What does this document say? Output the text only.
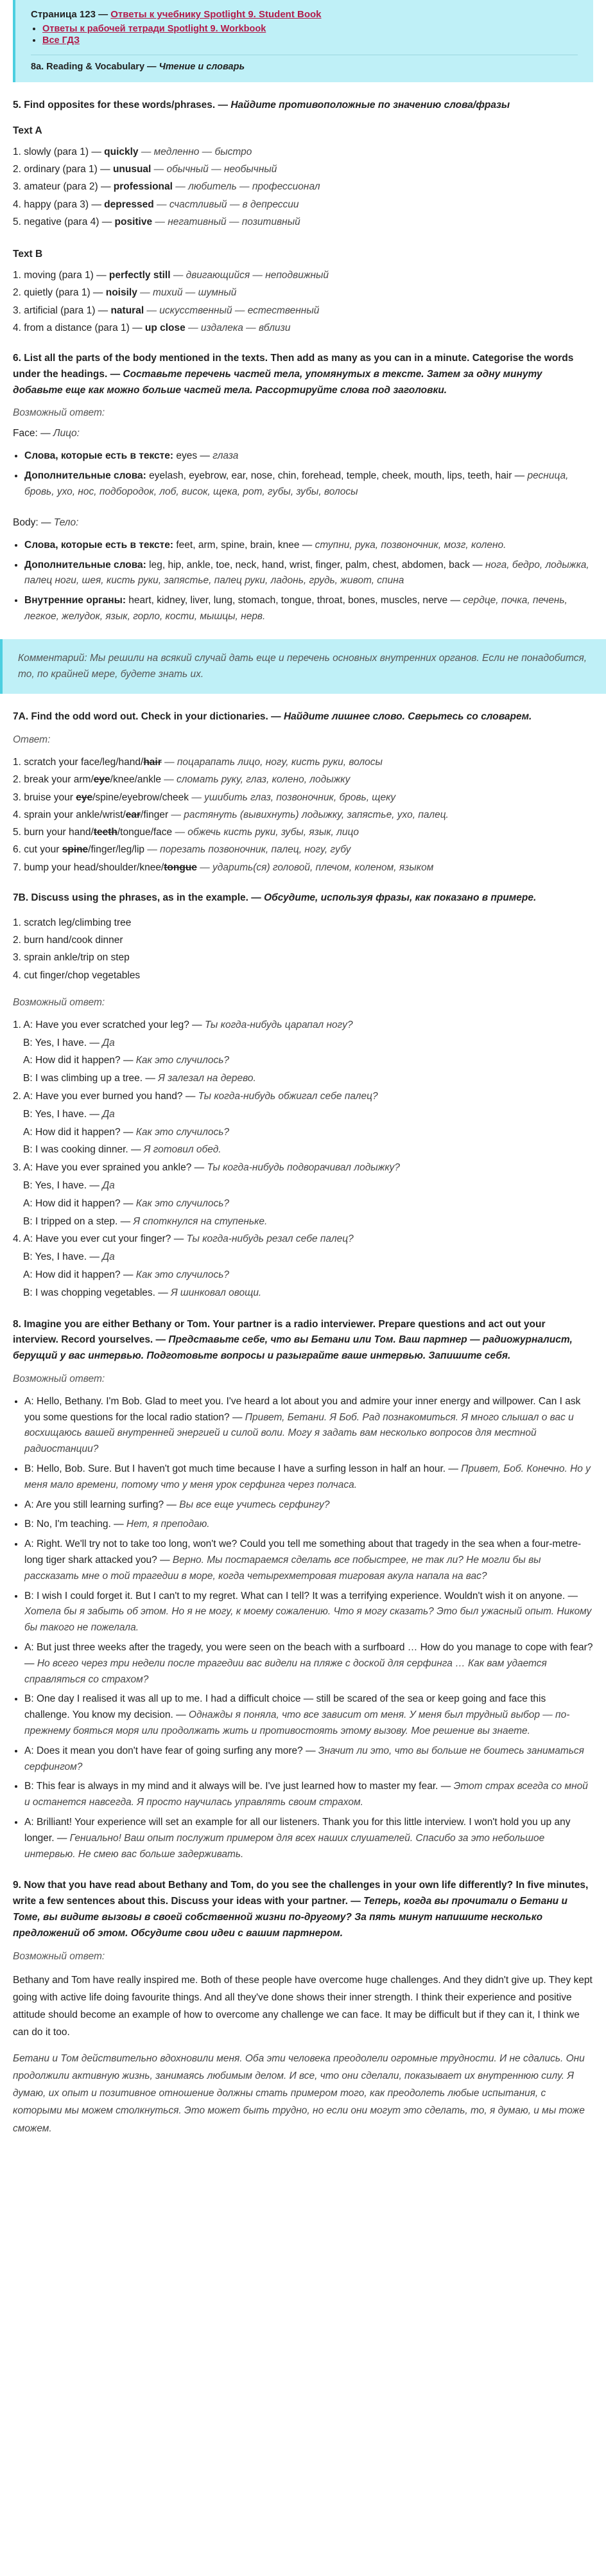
Страница 123 — Ответы к учебнику Spotlight 9. Student Book
• Ответы к рабочей тетради Spotlight 9. Workbook
• Все ГДЗ
8a. Reading & Vocabulary — Чтение и словарь
5. Find opposites for these words/phrases. — Найдите противоположные по значению слова/фразы
Text A
1. slowly (para 1) — quickly — медленно — быстро
2. ordinary (para 1) — unusual — обычный — необычный
3. amateur (para 2) — professional — любитель — профессионал
4. happy (para 3) — depressed — счастливый — в депрессии
5. negative (para 4) — positive — негативный — позитивный
Text B
1. moving (para 1) — perfectly still — двигающийся — неподвижный
2. quietly (para 1) — noisily — тихий — шумный
3. artificial (para 1) — natural — искусственный — естественный
4. from a distance (para 1) — up close — издалека — вблизи
6. List all the parts of the body mentioned in the texts. Then add as many as you can in a minute. Categorise the words under the headings. — Составьте перечень частей тела, упомянутых в тексте. Затем за одну минуту добавьте еще как можно больше частей тела. Рассортируйте слова под заголовки.
Возможный ответ:
Face: — Лицо:
• Слова, которые есть в тексте: eyes — глаза
• Дополнительные слова: eyelash, eyebrow, ear, nose, chin, forehead, temple, cheek, mouth, lips, teeth, hair — ресница, бровь, ухо, нос, подбородок, лоб, висок, щека, рот, губы, зубы, волосы
Body: — Тело:
• Слова, которые есть в тексте: feet, arm, spine, brain, knee — ступни, рука, позвоночник, мозг, колено.
• Дополнительные слова: leg, hip, ankle, toe, neck, hand, wrist, finger, palm, chest, abdomen, back — нога, бедро, лодыжка, палец ноги, шея, кисть руки, запястье, палец руки, ладонь, грудь, живот, спина
• Внутренние органы: heart, kidney, liver, lung, stomach, tongue, throat, bones, muscles, nerve — сердце, почка, печень, легкое, желудок, язык, горло, кости, мышцы, нерв.
Комментарий: Мы решили на всякий случай дать еще и перечень основных внутренних органов. Если не понадобится, то, по крайней мере, будете знать их.
7A. Find the odd word out. Check in your dictionaries. — Найдите лишнее слово. Сверьтесь со словарем.
Ответ:
1. scratch your face/leg/hand/hair — поцарапать лицо, ногу, кисть руки, волосы
2. break your arm/eye/knee/ankle — сломать руку, глаз, колено, лодыжку
3. bruise your eye/spine/eyebrow/cheek — ушибить глаз, позвоночник, бровь, щеку
4. sprain your ankle/wrist/ear/finger — растянуть (вывихнуть) лодыжку, запястье, ухо, палец.
5. burn your hand/teeth/tongue/face — обжечь кисть руки, зубы, язык, лицо
6. cut your spine/finger/leg/lip — порезать позвоночник, палец, ногу, губу
7. bump your head/shoulder/knee/tongue — ударить(ся) головой, плечом, коленом, языком
7B. Discuss using the phrases, as in the example. — Обсудите, используя фразы, как показано в примере.
1. scratch leg/climbing tree
2. burn hand/cook dinner
3. sprain ankle/trip on step
4. cut finger/chop vegetables
Возможный ответ:
1. A: Have you ever scratched your leg? — Ты когда-нибудь царапал ногу?
B: Yes, I have. — Да
A: How did it happen? — Как это случилось?
B: I was climbing up a tree. — Я залезал на дерево.
2. A: Have you ever burned you hand? — Ты когда-нибудь обжигал себе палец?
B: Yes, I have. — Да
A: How did it happen? — Как это случилось?
B: I was cooking dinner. — Я готовил обед.
3. A: Have you ever sprained you ankle? — Ты когда-нибудь подворачивал лодыжку?
B: Yes, I have. — Да
A: How did it happen? — Как это случилось?
B: I tripped on a step. — Я споткнулся на ступеньке.
4. A: Have you ever cut your finger? — Ты когда-нибудь резал себе палец?
B: Yes, I have. — Да
A: How did it happen? — Как это случилось?
B: I was chopping vegetables. — Я шинковал овощи.
8. Imagine you are either Bethany or Tom. Your partner is a radio interviewer. Prepare questions and act out your interview. Record yourselves. — Представьте себе, что вы Бетани или Том. Ваш партнер — радиожурналист, берущий у вас интервью. Подготовьте вопросы и разыграйте ваше интервью. Запишите себя.
Возможный ответ:
• A: Hello, Bethany. I'm Bob. Glad to meet you. I've heard a lot about you and admire your inner energy and willpower. Can I ask you some questions for the local radio station? — Привет, Бетани. Я Боб. Рад познакомиться. Я много слышал о вас и восхищаюсь вашей внутренней энергией и силой воли. Могу я задать вам несколько вопросов для местной радиостанции?
• B: Hello, Bob. Sure. But I haven't got much time because I have a surfing lesson in half an hour. — Привет, Боб. Конечно. Но у меня мало времени, потому что у меня урок серфинга через полчаса.
• A: Are you still learning surfing? — Вы все еще учитесь серфингу?
• B: No, I'm teaching. — Нет, я преподаю.
• A: Right. We'll try not to take too long, won't we? Could you tell me something about that tragedy in the sea when a four-metre-long tiger shark attacked you? — Верно. Мы постараемся сделать все побыстрее, не так ли? Не могли бы вы рассказать мне о той трагедии в море, когда четырехметровая тигровая акула напала на вас?
• B: I wish I could forget it. But I can't to my regret. What can I tell? It was a terrifying experience. Wouldn't wish it on anyone. — Хотела бы я забыть об этом. Но я не могу, к моему сожалению. Что я могу сказать? Это был ужасный опыт. Никому бы такого не пожелала.
• A: But just three weeks after the tragedy, you were seen on the beach with a surfboard … How do you manage to cope with fear? — Но всего через три недели после трагедии вас видели на пляже с доской для серфинга … Как вам удается справляться со страхом?
• B: One day I realised it was all up to me. I had a difficult choice — still be scared of the sea or keep going and face this challenge. You know my decision. — Однажды я поняла, что все зависит от меня. У меня был трудный выбор — по-прежнему бояться моря или продолжать жить и противостоять этому вызову. Мое решение вы знаете.
• A: Does it mean you don't have fear of going surfing any more? — Значит ли это, что вы больше не боитесь заниматься серфингом?
• B: This fear is always in my mind and it always will be. I've just learned how to master my fear. — Этот страх всегда со мной и останется навсегда. Я просто научилась управлять своим страхом.
• A: Brilliant! Your experience will set an example for all our listeners. Thank you for this little interview. I won't hold you up any longer. — Гениально! Ваш опыт послужит примером для всех наших слушателей. Спасибо за это небольшое интервью. Не смею вас больше задерживать.
9. Now that you have read about Bethany and Tom, do you see the challenges in your own life differently? In five minutes, write a few sentences about this. Discuss your ideas with your partner. — Теперь, когда вы прочитали о Бетани и Томе, вы видите вызовы в своей собственной жизни по-другому? За пять минут напишите несколько предложений об этом. Обсудите свои идеи с вашим партнером.
Возможный ответ:
Bethany and Tom have really inspired me. Both of these people have overcome huge challenges. And they didn't give up. They kept going with active life doing favourite things. And all they've done shows their inner strength. I think their experience and positive attitude should become an example of how to overcome any challenge we can face. It may be difficult but if they can it, I think we can do it too.
Бетани и Том действительно вдохновили меня. Оба эти человека преодолели огромные трудности. И не сдались. Они продолжили активную жизнь, занимаясь любимым делом. И все, что они сделали, показывает их внутреннюю силу. Я думаю, их опыт и позитивное отношение должны стать примером того, как преодолеть любые испытания, с которыми мы можем столкнуться. Это может быть трудно, но если они могут это сделать, то, я думаю, и мы тоже сможем.
